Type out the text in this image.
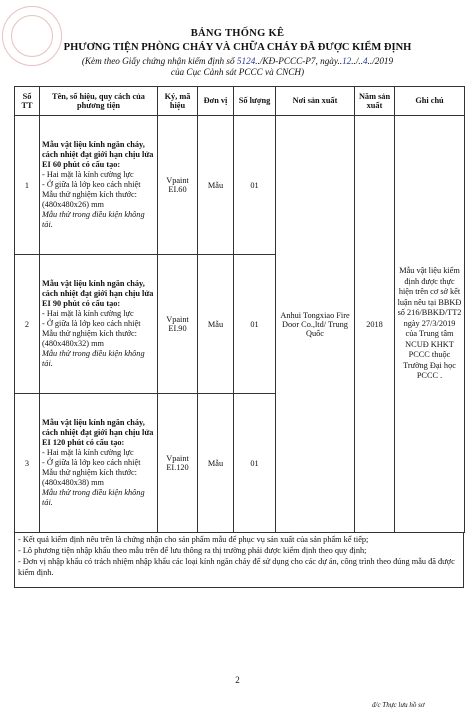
BẢNG THỐNG KÊ
PHƯƠNG TIỆN PHÒNG CHÁY VÀ CHỮA CHÁY ĐÃ ĐƯỢC KIỂM ĐỊNH
(Kèm theo Giấy chứng nhận kiểm định số 5124../KĐ-PCCC-P7, ngày..12../..4../2019
của Cục Cảnh sát PCCC và CNCH)
Số TT	Tên, số hiệu, quy cách của phương tiện	Ký, mã hiệu	Đơn vị	Số lượng	Nơi sản xuất	Năm sản xuất	Ghi chú
1	Mẫu vật liệu kính ngăn cháy, cách nhiệt đạt giới hạn chịu lửa EI 60 phút có cấu tạo:
- Hai mặt là kính cường lực
- Ở giữa là lớp keo cách nhiệt
Mẫu thử nghiệm kích thước: (480x480x26) mm
Mẫu thử trong điều kiện không tải.	Vpaint EI.60	Mẫu	01	Anhui Tongxiao Fire Door Co.,ltd/ Trung Quốc	2018	Mẫu vật liệu kiểm định được thực hiện trên cơ sở kết luận nêu tại BBKĐ số 216/BBKĐ/TT2 ngày 27/3/2019 của Trung tâm NCUĐ KHKT PCCC thuộc Trường Đại học PCCC .
2	Mẫu vật liệu kính ngăn cháy, cách nhiệt đạt giới hạn chịu lửa EI 90 phút có cấu tạo:
- Hai mặt là kính cường lực
- Ở giữa là lớp keo cách nhiệt
Mẫu thử nghiệm kích thước: (480x480x32) mm
Mẫu thử trong điều kiện không tải.	Vpaint EI.90	Mẫu	01			
3	Mẫu vật liệu kính ngăn cháy, cách nhiệt đạt giới hạn chịu lửa EI 120 phút có cấu tạo:
- Hai mặt là kính cường lực
- Ở giữa là lớp keo cách nhiệt
Mẫu thử nghiệm kích thước: (480x480x38) mm
Mẫu thử trong điều kiện không tải.	Vpaint EI.120	Mẫu	01			
- Kết quả kiểm định nêu trên là chứng nhận cho sản phẩm mẫu để phục vụ sản xuất của sản phẩm kể tiếp;
- Lô phương tiện nhập khẩu theo mẫu trên để lưu thông ra thị trường phải được kiểm định theo quy định;
- Đơn vị nhập khẩu có trách nhiệm nhập khẩu các loại kính ngăn cháy để sử dụng cho các dự án, công trình theo đúng mẫu đã được kiểm định.
2
đ/c Thực lưu hồ sơ
